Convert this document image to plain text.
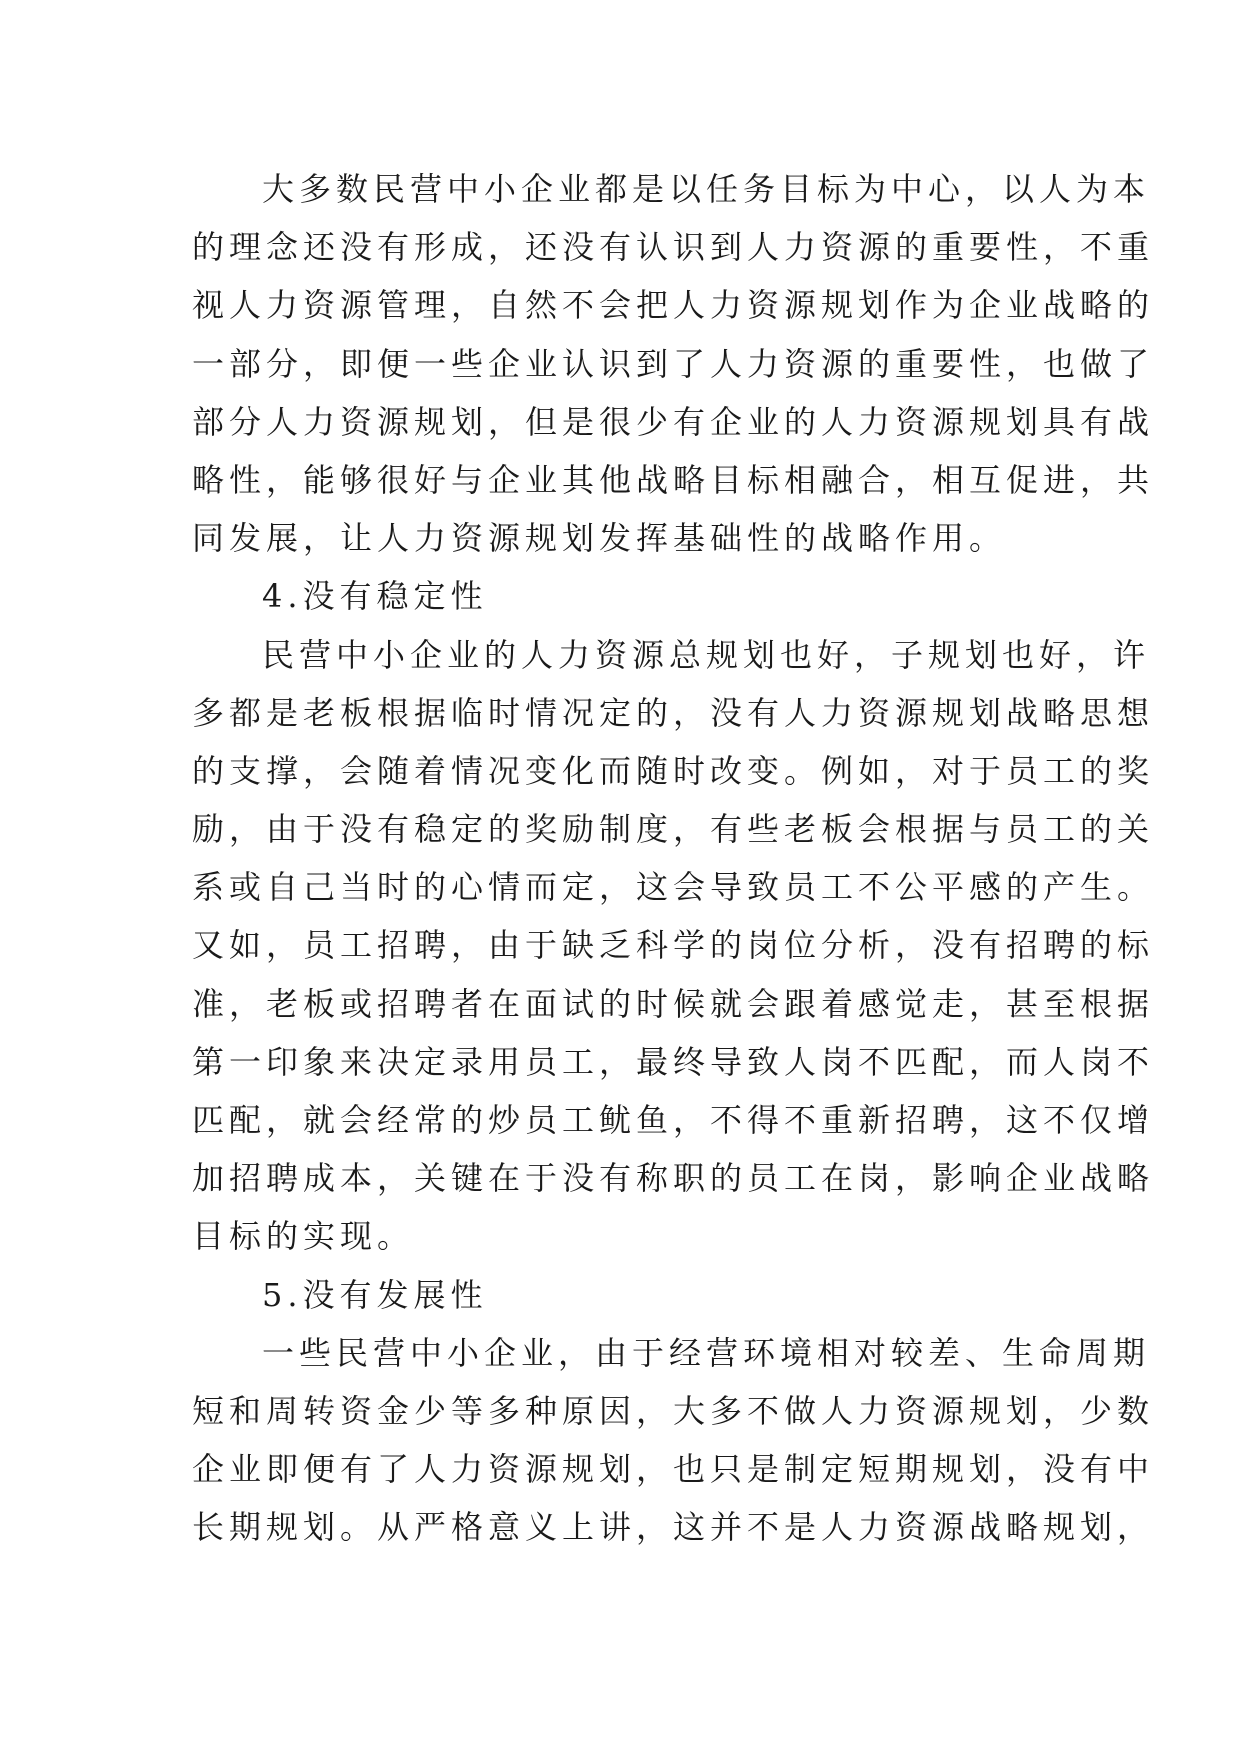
大多数民营中小企业都是以任务目标为中心，以人为本
的理念还没有形成，还没有认识到人力资源的重要性，不重
视人力资源管理，自然不会把人力资源规划作为企业战略的
一部分，即便一些企业认识到了人力资源的重要性，也做了
部分人力资源规划，但是很少有企业的人力资源规划具有战
略性，能够很好与企业其他战略目标相融合，相互促进，共
同发展，让人力资源规划发挥基础性的战略作用。
4.没有稳定性
民营中小企业的人力资源总规划也好，子规划也好，许
多都是老板根据临时情况定的，没有人力资源规划战略思想
的支撑，会随着情况变化而随时改变。例如，对于员工的奖
励，由于没有稳定的奖励制度，有些老板会根据与员工的关
系或自己当时的心情而定，这会导致员工不公平感的产生。
又如，员工招聘，由于缺乏科学的岗位分析，没有招聘的标
准，老板或招聘者在面试的时候就会跟着感觉走，甚至根据
第一印象来决定录用员工，最终导致人岗不匹配，而人岗不
匹配，就会经常的炒员工鱿鱼，不得不重新招聘，这不仅增
加招聘成本，关键在于没有称职的员工在岗，影响企业战略
目标的实现。
5.没有发展性
一些民营中小企业，由于经营环境相对较差、生命周期
短和周转资金少等多种原因，大多不做人力资源规划，少数
企业即便有了人力资源规划，也只是制定短期规划，没有中
长期规划。从严格意义上讲，这并不是人力资源战略规划，
